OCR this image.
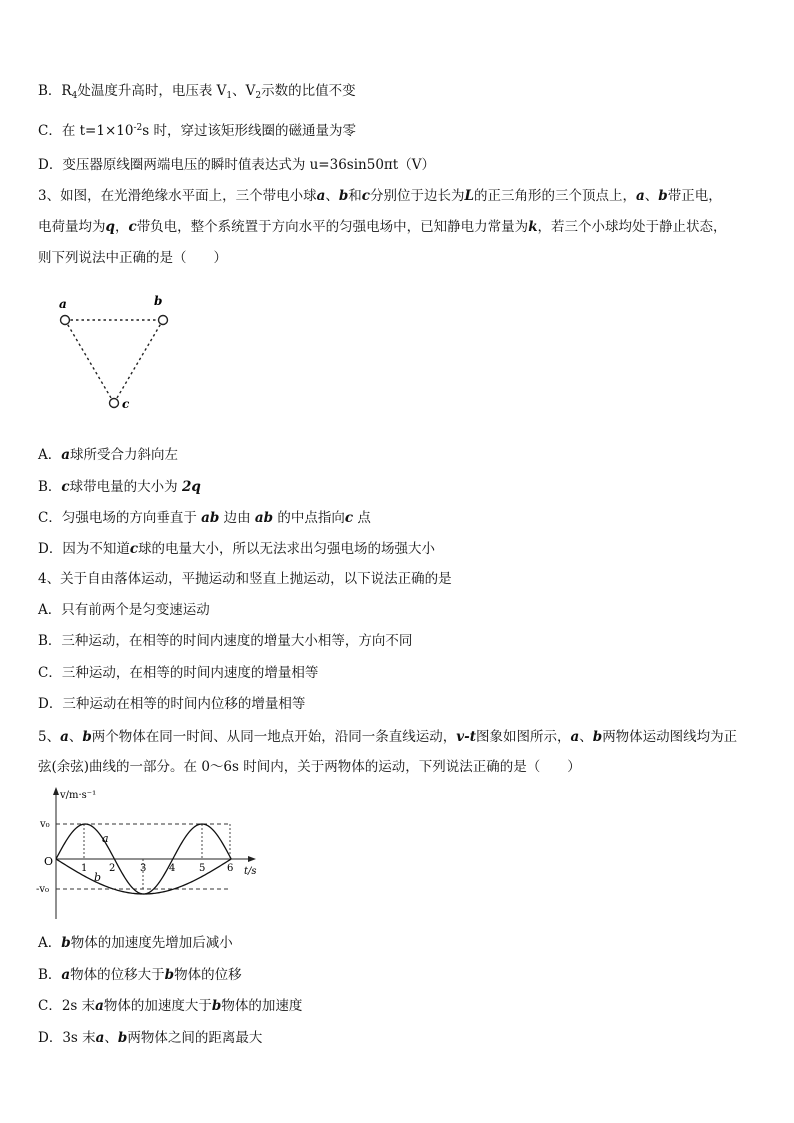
B．$R_4$处温度升高时，电压表 $V_1$、$V_2$示数的比值不变
C．在 $t=1\times 10^{-2}s$ 时，穿过该矩形线圈的磁通量为零
D．变压器原线圈两端电压的瞬时值表达式为 u=36sin50πt（V）
3、如图，在光滑绝缘水平面上，三个带电小球a、b和c分别位于边长为L的正三角形的三个顶点上，a、b带正电，
电荷量均为q，c带负电，整个系统置于方向水平的匀强电场中，已知静电力常量为k，若三个小球均处于静止状态，
则下列说法中正确的是（　　）
a	b
c
A．a球所受合力斜向左
B．c球带电量的大小为 2q
C．匀强电场的方向垂直于 ab 边由 ab 的中点指向c 点
D．因为不知道c球的电量大小，所以无法求出匀强电场的场强大小
4、关于自由落体运动，平抛运动和竖直上抛运动，以下说法正确的是
A．只有前两个是匀变速运动
B．三种运动，在相等的时间内速度的增量大小相等，方向不同
C．三种运动，在相等的时间内速度的增量相等
D．三种运动在相等的时间内位移的增量相等
5、a、b两个物体在同一时间、从同一地点开始，沿同一条直线运动，v-t图象如图所示，a、b两物体运动图线均为正
弦(余弦)曲线的一部分。在 0～6s 时间内，关于两物体的运动，下列说法正确的是（　　）
v/m·s⁻¹
t/s
v₀
-v₀
O
1 2 3 4 5 6
a
b
A．b物体的加速度先增加后减小
B．a物体的位移大于b物体的位移
C．2s 末a物体的加速度大于b物体的加速度
D．3s 末a、b两物体之间的距离最大
